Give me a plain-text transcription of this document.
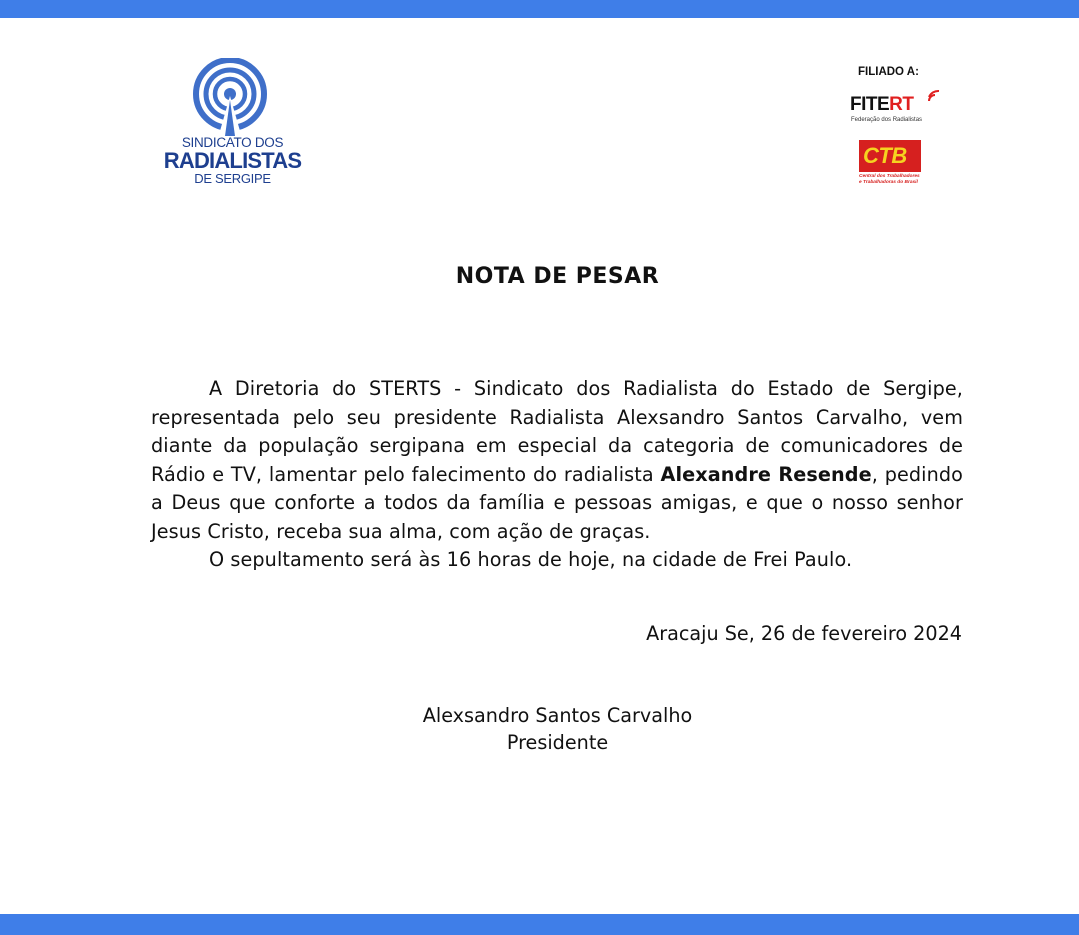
SINDICATO DOS
RADIALISTAS
DE SERGIPE
FILIADO A:
FITERT
Federação dos Radialistas
CTB
Central dos Trabalhadores
e Trabalhadoras do Brasil
NOTA DE PESAR

A Diretoria do STERTS - Sindicato dos Radialista do Estado de Sergipe, representada pelo seu presidente Radialista Alexsandro Santos Carvalho, vem diante da população sergipana em especial da categoria de comunicadores de Rádio e TV, lamentar pelo falecimento do radialista Alexandre Resende, pedindo a Deus que conforte a todos da família e pessoas amigas, e que o nosso senhor Jesus Cristo, receba sua alma, com ação de graças.

O sepultamento será às 16 horas de hoje, na cidade de Frei Paulo.

Aracaju Se, 26 de fevereiro 2024
Alexsandro Santos Carvalho
Presidente
